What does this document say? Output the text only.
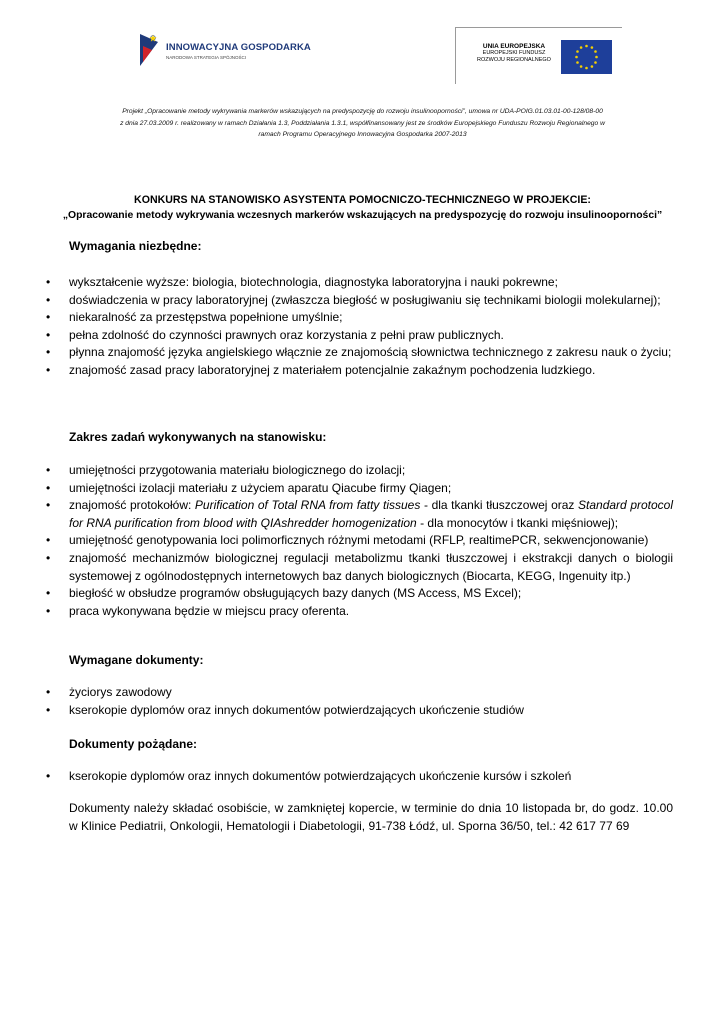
INNOWACYJNA GOSPODARKA
NARODOWA STRATEGIA SPÓJNOŚCI
UNIA EUROPEJSKA
EUROPEJSKI FUNDUSZ
ROZWOJU REGIONALNEGO
Projekt „Opracowanie metody wykrywania markerów wskazujących na predyspozycję do rozwoju insulinooporności”, umowa nr UDA-POIG.01.03.01-00-128/08-00
z dnia 27.03.2009 r. realizowany w ramach Działania 1.3, Poddziałania 1.3.1, współfinansowany jest ze środków Europejskiego Funduszu Rozwoju Regionalnego w
ramach Programu Operacyjnego Innowacyjna Gospodarka 2007-2013
KONKURS NA STANOWISKO ASYSTENTA POMOCNICZO-TECHNICZNEGO W PROJEKCIE:
„Opracowanie metody wykrywania wczesnych markerów wskazujących na predyspozycję do rozwoju insulinooporności”
Wymagania niezbędne:
• wykształcenie wyższe: biologia, biotechnologia, diagnostyka laboratoryjna i nauki pokrewne;
• doświadczenia w pracy laboratoryjnej (zwłaszcza biegłość w posługiwaniu się technikami biologii molekularnej);
• niekaralność za przestępstwa popełnione umyślnie;
• pełna zdolność do czynności prawnych oraz korzystania z pełni praw publicznych.
• płynna znajomość języka angielskiego włącznie ze znajomością słownictwa technicznego z zakresu nauk o życiu;
• znajomość zasad pracy laboratoryjnej z materiałem potencjalnie zakaźnym pochodzenia ludzkiego.
Zakres zadań wykonywanych na stanowisku:
• umiejętności przygotowania materiału biologicznego do izolacji;
• umiejętności izolacji materiału z użyciem aparatu Qiacube firmy Qiagen;
• znajomość protokołów: Purification of Total RNA from fatty tissues - dla tkanki tłuszczowej oraz Standard protocol for RNA purification from blood with QIAshredder homogenization - dla monocytów i tkanki mięśniowej);
• umiejętność genotypowania loci polimorficznych różnymi metodami (RFLP, realtimePCR, sekwencjonowanie)
• znajomość mechanizmów biologicznej regulacji metabolizmu tkanki tłuszczowej i ekstrakcji danych o biologii systemowej z ogólnodostępnych internetowych baz danych biologicznych (Biocarta, KEGG, Ingenuity itp.)
• biegłość w obsłudze programów obsługujących bazy danych (MS Access, MS Excel);
• praca wykonywana będzie w miejscu pracy oferenta.
Wymagane dokumenty:
• życiorys zawodowy
• kserokopie dyplomów oraz innych dokumentów potwierdzających ukończenie studiów
Dokumenty pożądane:
• kserokopie dyplomów oraz innych dokumentów potwierdzających ukończenie kursów i szkoleń
Dokumenty należy składać osobiście, w zamkniętej kopercie, w terminie do dnia 10 listopada br, do godz. 10.00 w Klinice Pediatrii, Onkologii, Hematologii i Diabetologii, 91-738 Łódź, ul. Sporna 36/50, tel.: 42 617 77 69
